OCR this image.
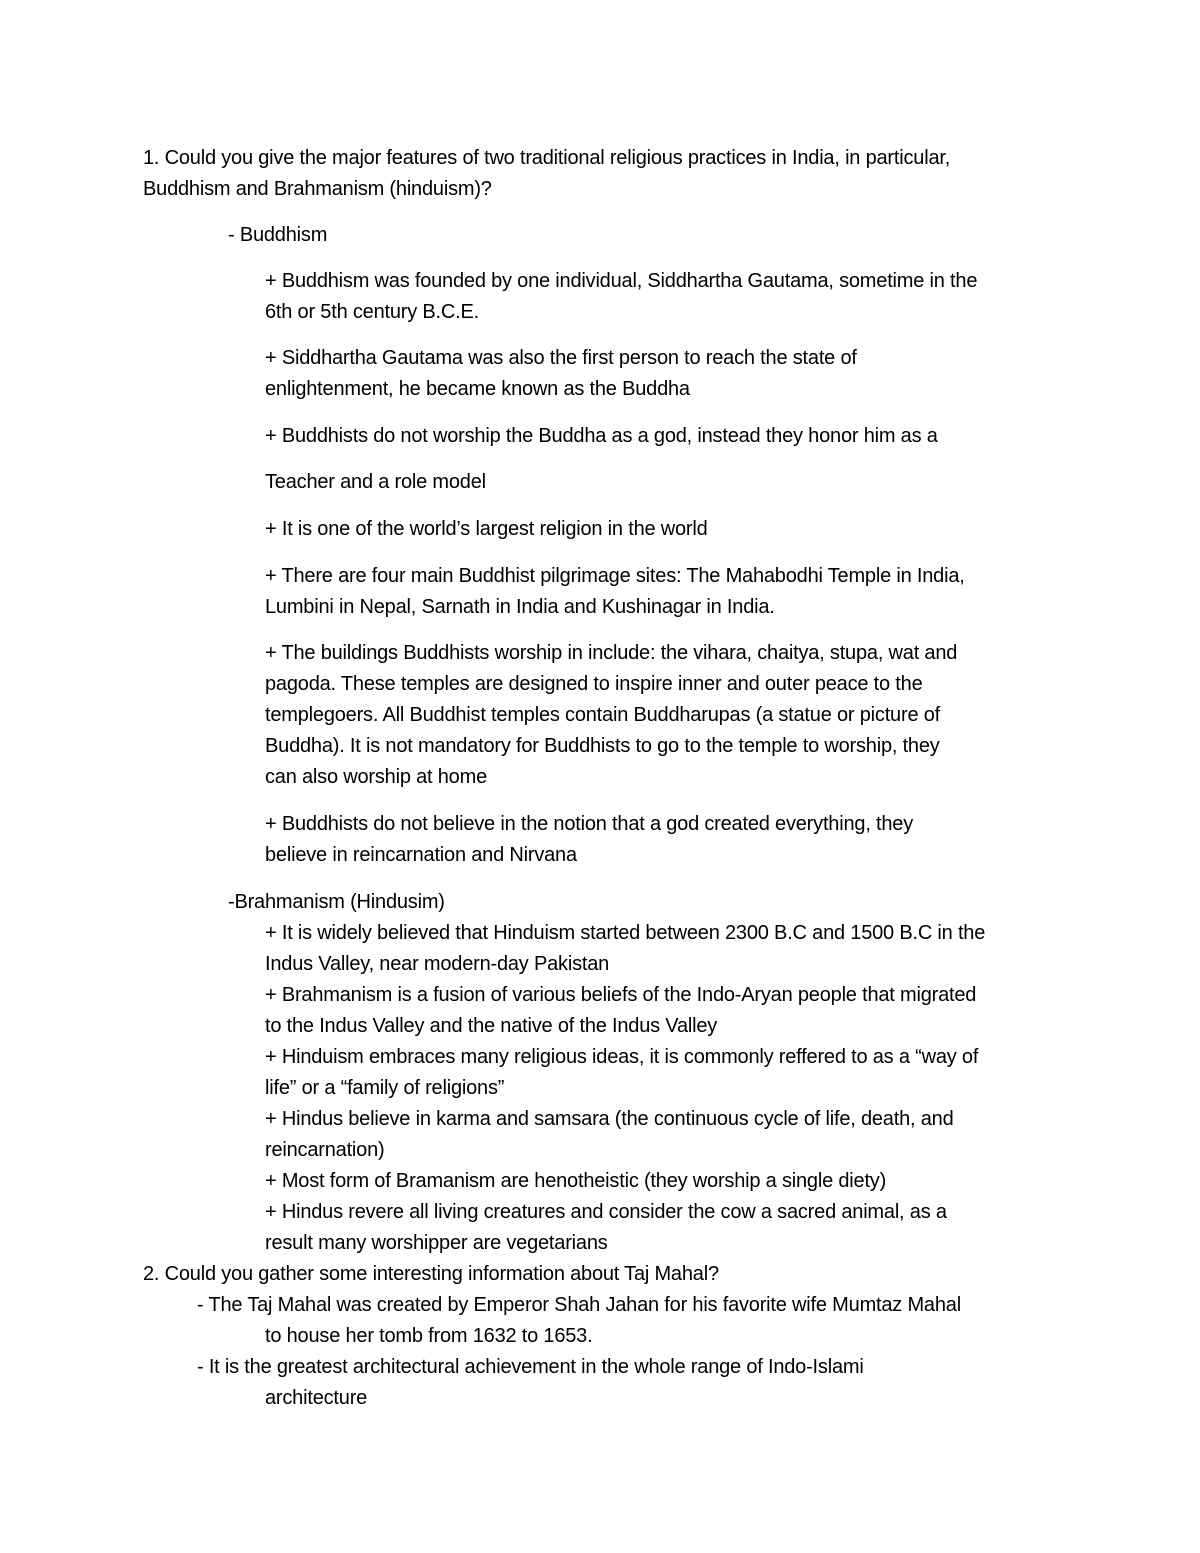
1. Could you give the major features of two traditional religious practices in India, in particular,
Buddhism and Brahmanism (hinduism)?
- Buddhism
+ Buddhism was founded by one individual, Siddhartha Gautama, sometime in the
6th or 5th century B.C.E.
+ Siddhartha Gautama was also the first person to reach the state of
enlightenment, he became known as the Buddha
+ Buddhists do not worship the Buddha as a god, instead they honor him as a
Teacher and a role model
+ It is one of the world’s largest religion in the world
+ There are four main Buddhist pilgrimage sites: The Mahabodhi Temple in India,
Lumbini in Nepal, Sarnath in India and Kushinagar in India.
+ The buildings Buddhists worship in include: the vihara, chaitya, stupa, wat and
pagoda. These temples are designed to inspire inner and outer peace to the
templegoers. All Buddhist temples contain Buddharupas (a statue or picture of
Buddha). It is not mandatory for Buddhists to go to the temple to worship, they
can also worship at home
+ Buddhists do not believe in the notion that a god created everything, they
believe in reincarnation and Nirvana
-Brahmanism (Hindusim)
+ It is widely believed that Hinduism started between 2300 B.C and 1500 B.C in the
Indus Valley, near modern-day Pakistan
+ Brahmanism is a fusion of various beliefs of the Indo-Aryan people that migrated
to the Indus Valley and the native of the Indus Valley
+ Hinduism embraces many religious ideas, it is commonly reffered to as a “way of
life” or a “family of religions”
+ Hindus believe in karma and samsara (the continuous cycle of life, death, and
reincarnation)
+ Most form of Bramanism are henotheistic (they worship a single diety)
+ Hindus revere all living creatures and consider the cow a sacred animal, as a
result many worshipper are vegetarians
2. Could you gather some interesting information about Taj Mahal?
- The Taj Mahal was created by Emperor Shah Jahan for his favorite wife Mumtaz Mahal
to house her tomb from 1632 to 1653.
- It is the greatest architectural achievement in the whole range of Indo-Islami
architecture
